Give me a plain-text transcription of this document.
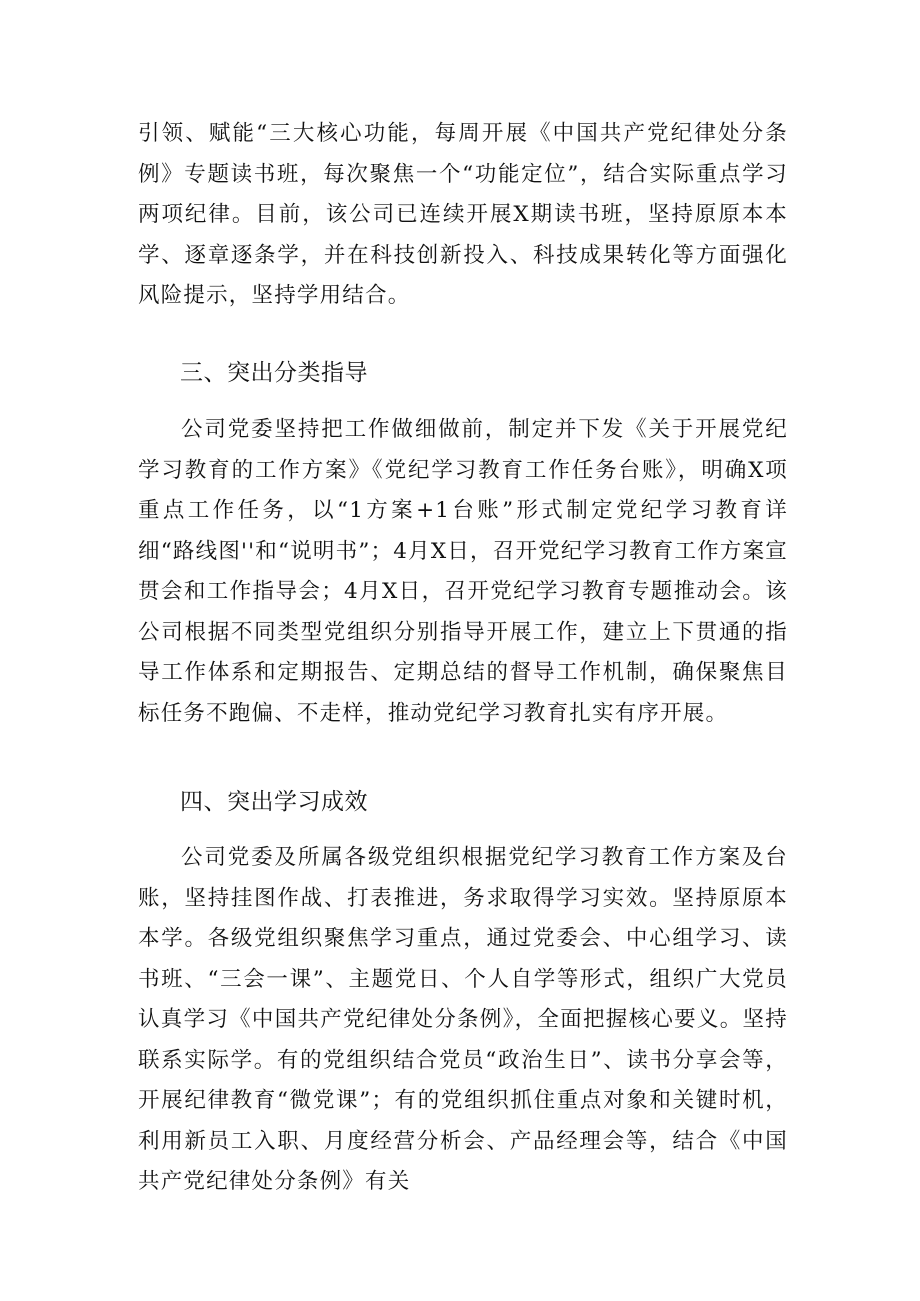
引领、赋能“三大核心功能，每周开展《中国共产党纪律处分条例》专题读书班，每次聚焦一个“功能定位”，结合实际重点学习两项纪律。目前，该公司已连续开展X期读书班，坚持原原本本学、逐章逐条学，并在科技创新投入、科技成果转化等方面强化风险提示，坚持学用结合。

三、突出分类指导

公司党委坚持把工作做细做前，制定并下发《关于开展党纪学习教育的工作方案》《党纪学习教育工作任务台账》，明确X项重点工作任务，以“1方案+1台账”形式制定党纪学习教育详细“路线图''和“说明书”；4月X日，召开党纪学习教育工作方案宣贯会和工作指导会；4月X日，召开党纪学习教育专题推动会。该公司根据不同类型党组织分别指导开展工作，建立上下贯通的指导工作体系和定期报告、定期总结的督导工作机制，确保聚焦目标任务不跑偏、不走样，推动党纪学习教育扎实有序开展。

四、突出学习成效

公司党委及所属各级党组织根据党纪学习教育工作方案及台账，坚持挂图作战、打表推进，务求取得学习实效。坚持原原本本学。各级党组织聚焦学习重点，通过党委会、中心组学习、读书班、“三会一课”、主题党日、个人自学等形式，组织广大党员认真学习《中国共产党纪律处分条例》，全面把握核心要义。坚持联系实际学。有的党组织结合党员“政治生日”、读书分享会等，开展纪律教育“微党课”；有的党组织抓住重点对象和关键时机，利用新员工入职、月度经营分析会、产品经理会等，结合《中国共产党纪律处分条例》有关
